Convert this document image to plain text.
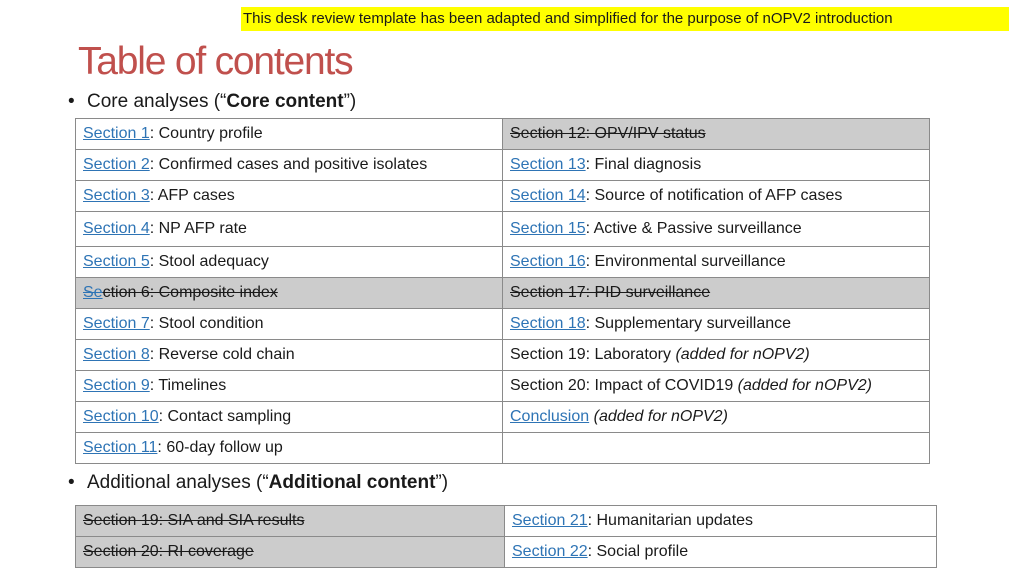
This desk review template has been adapted and simplified for the purpose of nOPV2 introduction
Table of contents
• Core analyses (“Core content”)
Section 1: Country profile	Section 12: OPV/IPV status
Section 2: Confirmed cases and positive isolates	Section 13: Final diagnosis
Section 3: AFP cases	Section 14: Source of notification of AFP cases
Section 4: NP AFP rate	Section 15: Active & Passive surveillance
Section 5: Stool adequacy	Section 16: Environmental surveillance
Section 6: Composite index	Section 17: PID surveillance
Section 7: Stool condition	Section 18: Supplementary surveillance
Section 8: Reverse cold chain	Section 19: Laboratory (added for nOPV2)
Section 9: Timelines	Section 20: Impact of COVID19 (added for nOPV2)
Section 10: Contact sampling	Conclusion (added for nOPV2)
Section 11: 60-day follow up	
• Additional analyses (“Additional content”)
Section 19: SIA and SIA results	Section 21: Humanitarian updates
Section 20: RI coverage	Section 22: Social profile
